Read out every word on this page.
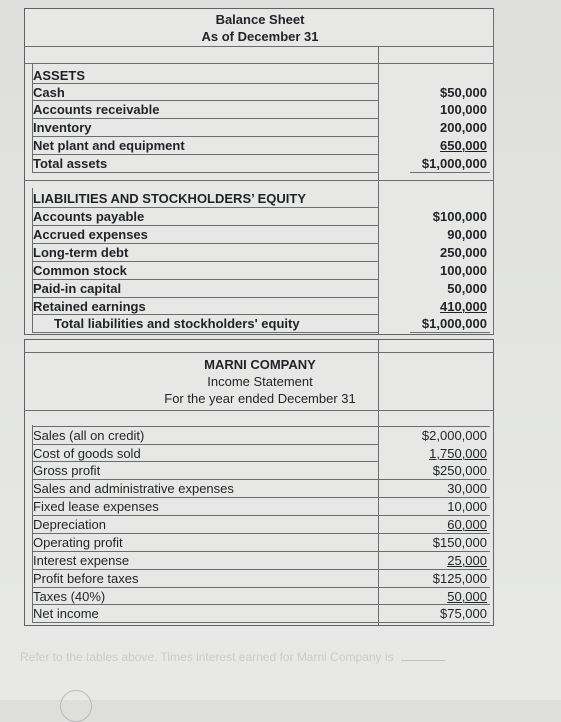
Balance Sheet
As of December 31
ASSETS
Cash
Accounts receivable
Inventory
Net plant and equipment
Total assets
$50,000
100,000
200,000
650,000
$1,000,000
LIABILITIES AND STOCKHOLDERS’ EQUITY
Accounts payable
Accrued expenses
Long-term debt
Common stock
Paid-in capital
Retained earnings
Total liabilities and stockholders' equity
$100,000
90,000
250,000
100,000
50,000
410,000
$1,000,000
MARNI COMPANY
Income Statement
For the year ended December 31
Sales (all on credit)
Cost of goods sold
Gross profit
Sales and administrative expenses
Fixed lease expenses
Depreciation
Operating profit
Interest expense
Profit before taxes
Taxes (40%)
Net income
$2,000,000
1,750,000
$250,000
30,000
10,000
60,000
$150,000
25,000
$125,000
50,000
$75,000
Refer to the tables above. Times interest earned for Marni Company is
